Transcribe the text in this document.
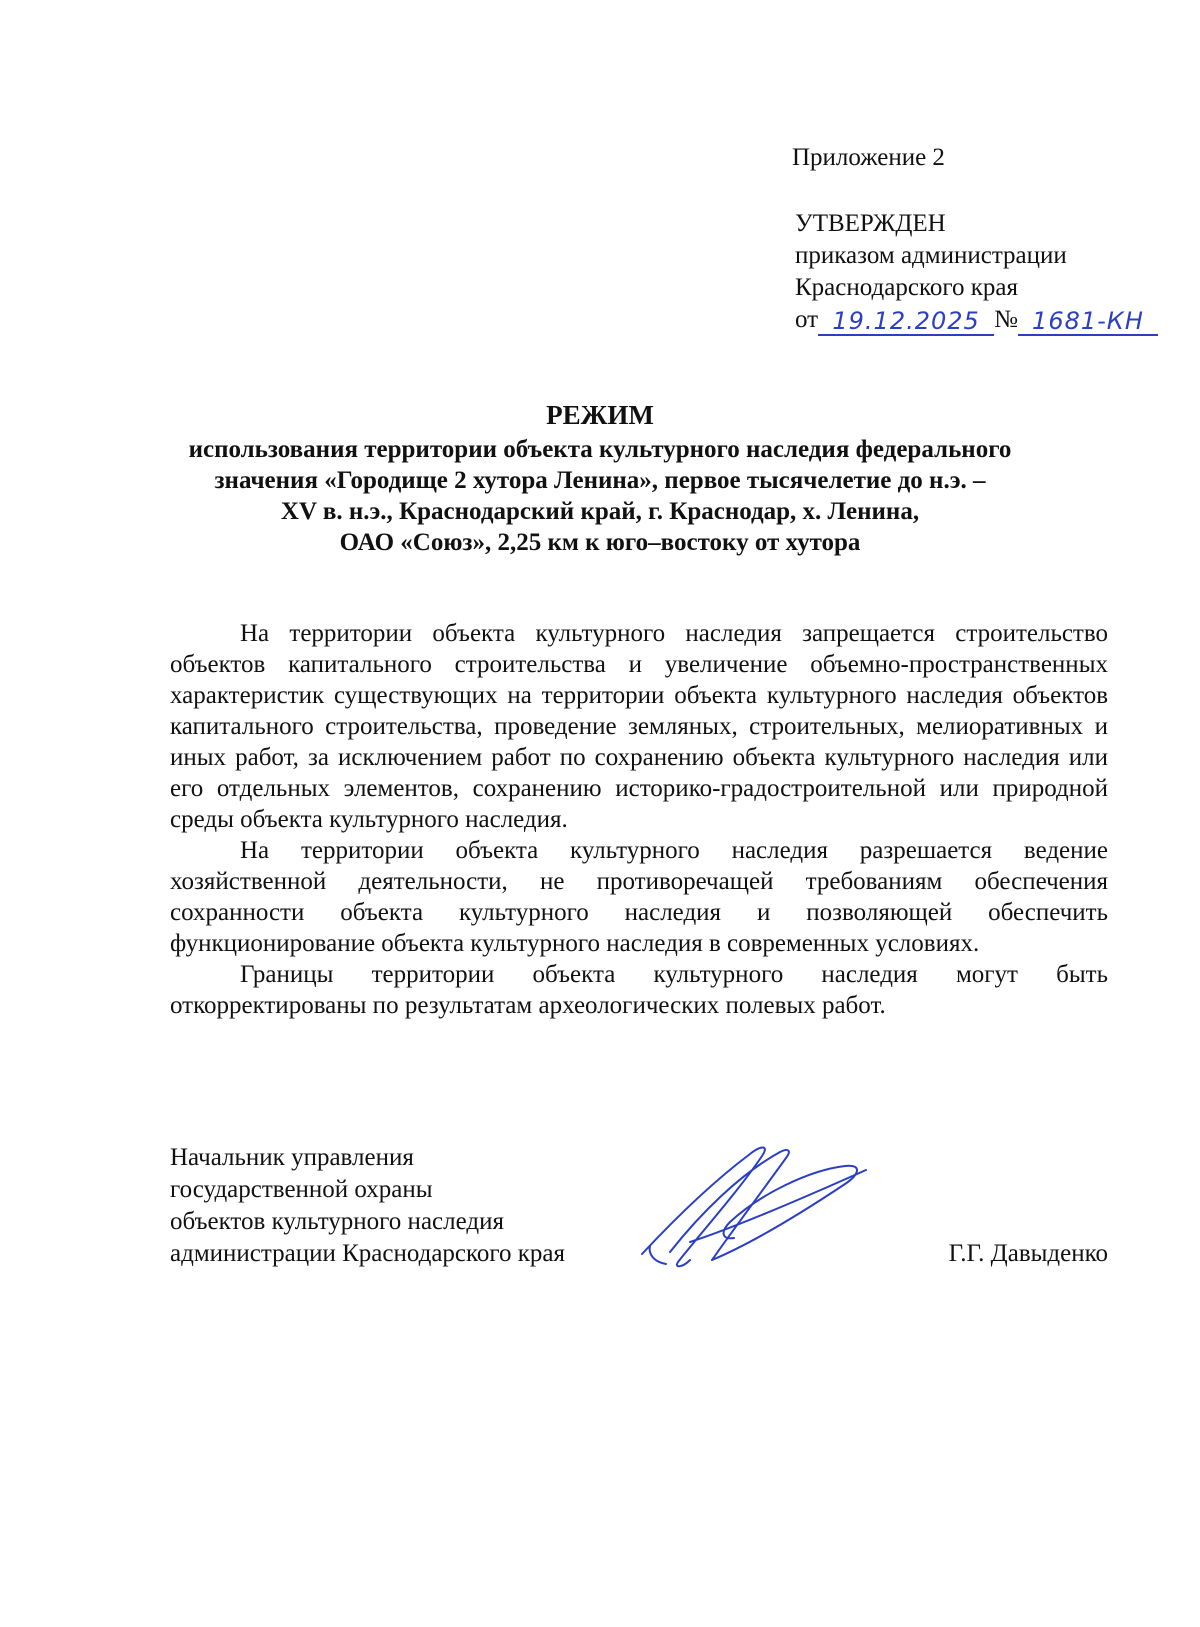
Приложение 2
УТВЕРЖДЕН
приказом администрации
Краснодарского края
от 19.12.2025 № 1681-КН
РЕЖИМ
использования территории объекта культурного наследия федерального
значения «Городище 2 хутора Ленина», первое тысячелетие до н.э. –
XV в. н.э., Краснодарский край, г. Краснодар, х. Ленина,
ОАО «Союз», 2,25 км к юго–востоку от хутора

На территории объекта культурного наследия запрещается строительство объектов капитального строительства и увеличение объемно-пространственных характеристик существующих на территории объекта культурного наследия объектов капитального строительства, проведение земляных, строительных, мелиоративных и иных работ, за исключением работ по сохранению объекта культурного наследия или его отдельных элементов, сохранению историко-градостроительной или природной среды объекта культурного наследия.

На территории объекта культурного наследия разрешается ведение хозяйственной деятельности, не противоречащей требованиям обеспечения сохранности объекта культурного наследия и позволяющей обеспечить функционирование объекта культурного наследия в современных условиях.

Границы территории объекта культурного наследия могут быть откорректированы по результатам археологических полевых работ.

Начальник управления
государственной охраны
объектов культурного наследия
администрации Краснодарского края	Г.Г. Давыденко
